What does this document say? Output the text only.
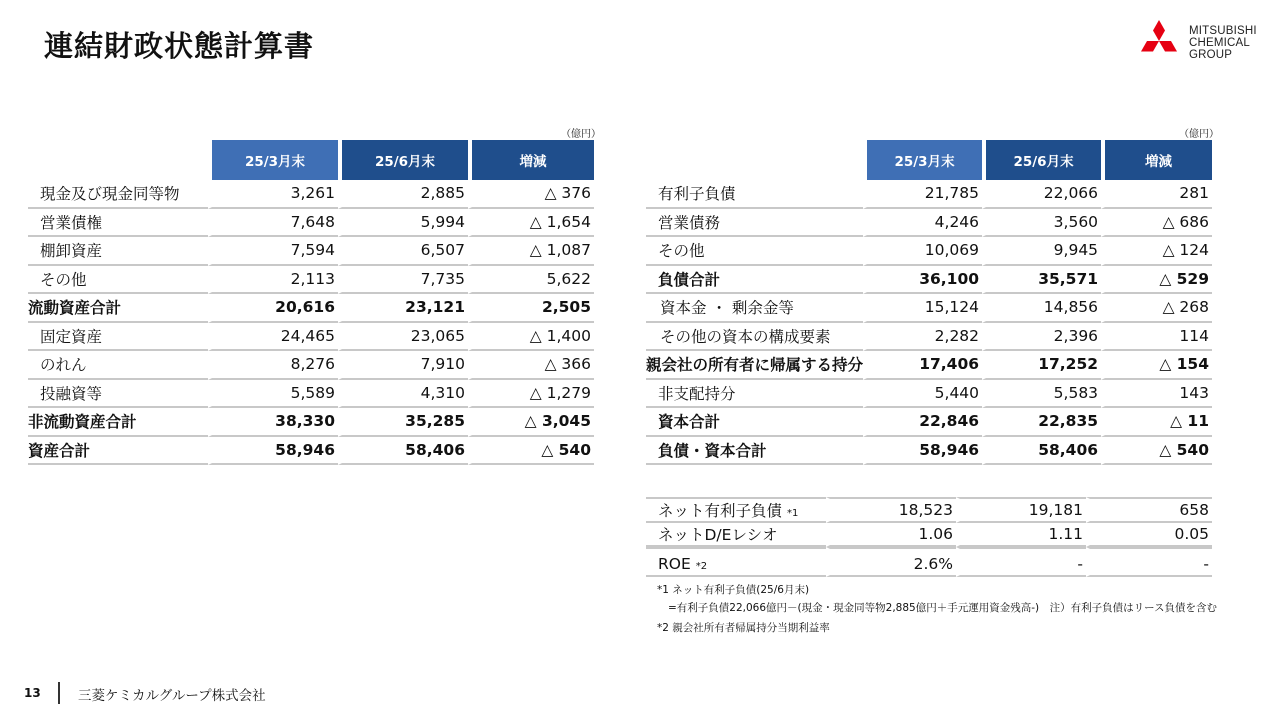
連結財政状態計算書	MITSUBISHI
CHEMICAL
GROUP
（億円）	（億円）
	25/3月末	25/6月末	増減
現金及び現金同等物	3,261	2,885	△ 376
営業債権	7,648	5,994	△ 1,654
棚卸資産	7,594	6,507	△ 1,087
その他	2,113	7,735	5,622
流動資産合計	20,616	23,121	2,505
固定資産	24,465	23,065	△ 1,400
のれん	8,276	7,910	△ 366
投融資等	5,589	4,310	△ 1,279
非流動資産合計	38,330	35,285	△ 3,045
資産合計	58,946	58,406	△ 540
	25/3月末	25/6月末	増減
有利子負債	21,785	22,066	281
営業債務	4,246	3,560	△ 686
その他	10,069	9,945	△ 124
負債合計	36,100	35,571	△ 529
資本金 ・ 剰余金等	15,124	14,856	△ 268
その他の資本の構成要素	2,282	2,396	114
親会社の所有者に帰属する持分	17,406	17,252	△ 154
非支配持分	5,440	5,583	143
資本合計	22,846	22,835	△ 11
負債・資本合計	58,946	58,406	△ 540
ネット有利子負債 *1	18,523	19,181	658
ネットD/Eレシオ	1.06	1.11	0.05
ROE *2	2.6%	-	-
*1 ネット有利子負債(25/6月末)
=有利子負債22,066億円－(現金・現金同等物2,885億円＋手元運用資金残高-)　注）有利子負債はリース負債を含む
*2 親会社所有者帰属持分当期利益率
13	三菱ケミカルグループ株式会社
